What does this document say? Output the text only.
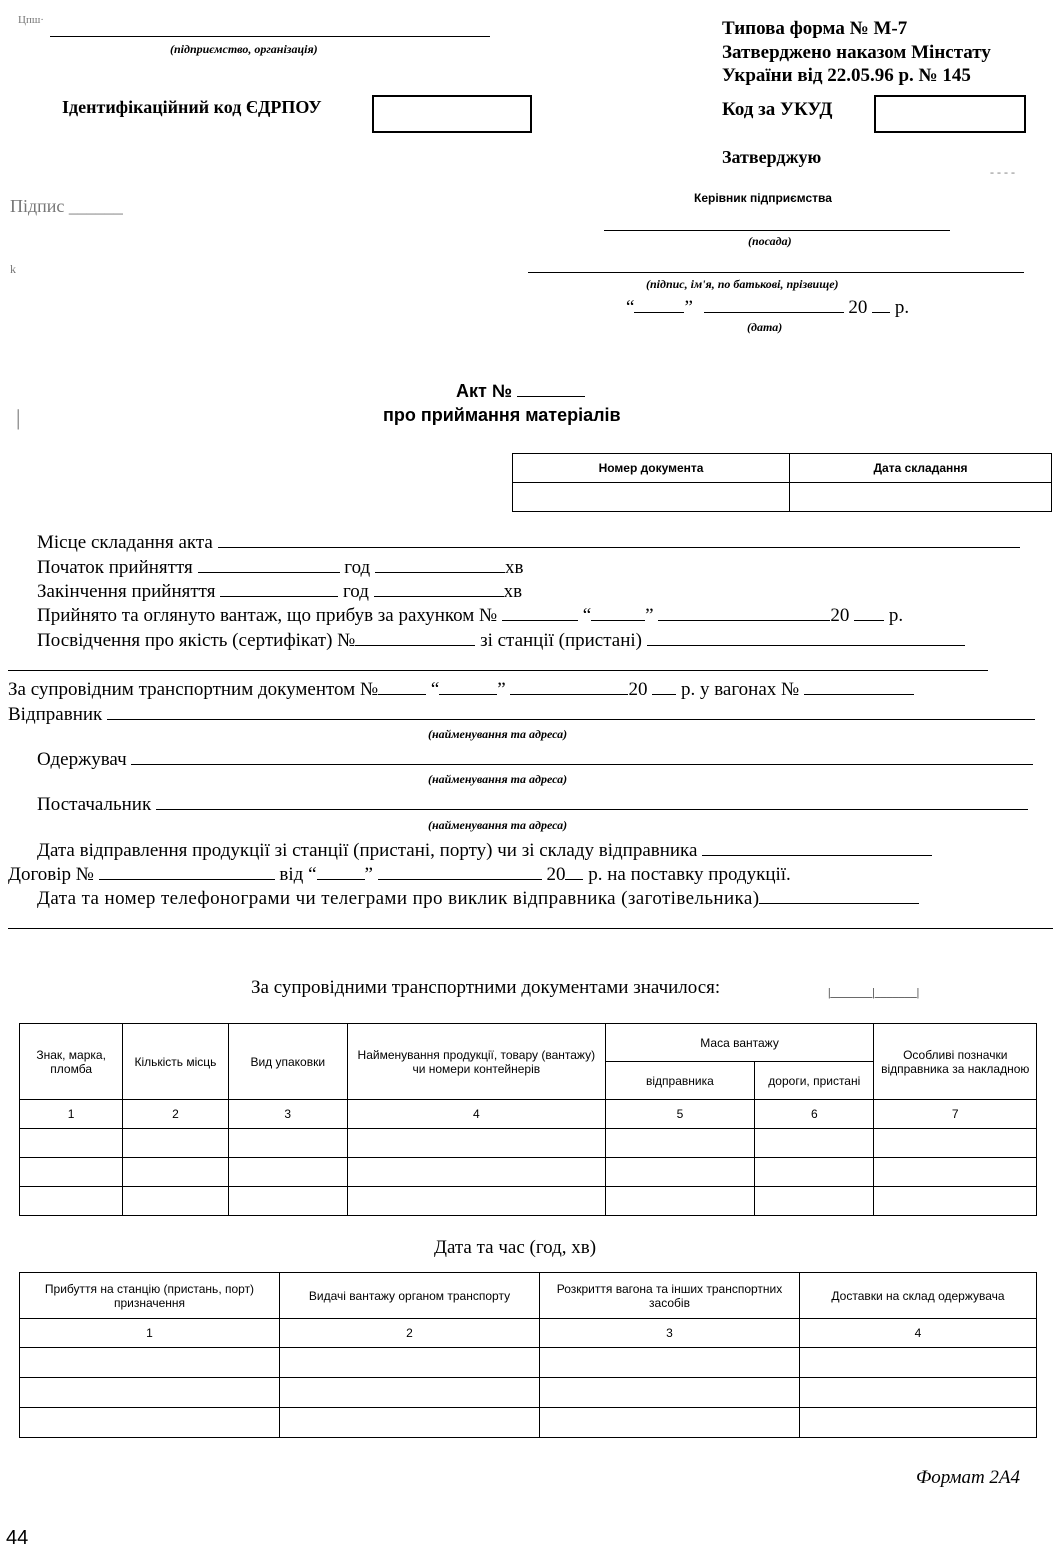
Цпш·
Підпис ______
k
|
- - - -
(підприємство, організація)
Ідентифікаційний код ЄДРПОУ
Типова форма № М-7
Затверджено наказом Мінстату
України від 22.05.96 р. № 145
Код за УКУД
Затверджую
Керівник підприємства
(посада)
(підпис, ім'я, по батькові, прізвище)
“	”	20 р.
(дата)
Акт №
про приймання матеріалів
Номер документа	Дата складання

Місце складання акта
Початок прийняття	год	хв
Закінчення прийняття	год	хв
Прийнято та оглянуто вантаж, що прибув за рахунком №	“	”	20 р.
Посвідчення про якість (сертифікат) №	зі станції (пристані)
За супровідним транспортним документом №	“	”	20 р. у вагонах №
Відправник
(найменування та адреса)
Одержувач
(найменування та адреса)
Постачальник
(найменування та адреса)
Дата відправлення продукції зі станції (пристані, порту) чи зі складу відправника
Договір №	від “	”	20 р. на поставку продукції.
Дата та номер телефонограми чи телеграми про виклик відправника (заготівельника)
За супровідними транспортними документами значилося:	|_______|_______|
Знак, марка, пломба	Кількість місць	Вид упаковки	Найменування продукції, товару (вантажу) чи номери контейнерів	Маса вантажу		Особливі позначки відправника за накладною
				відправника	дороги, пристані	
1	2	3	4	5	6	7

Дата та час (год, хв)
Прибуття на станцію (пристань, порт) призначення	Видачі вантажу органом транспорту	Розкриття вагона та інших транспортних засобів	Доставки на склад одержувача
1	2	3	4

Формат 2А4
44
